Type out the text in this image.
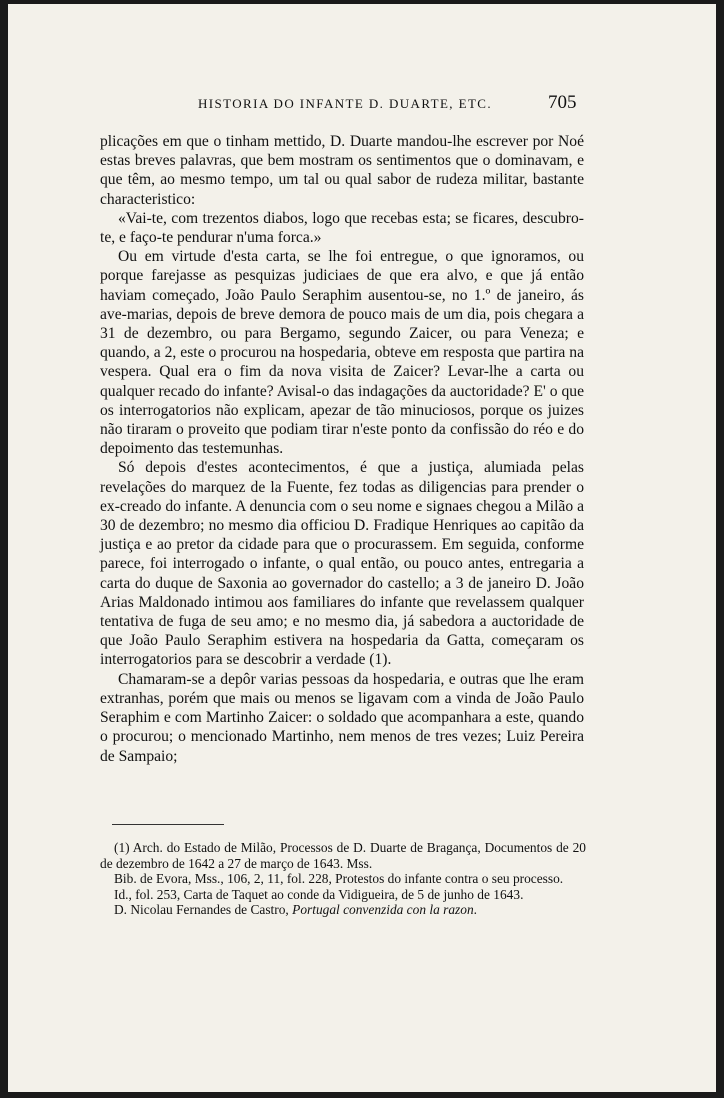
HISTORIA DO INFANTE D. DUARTE, ETC.	705

plicações em que o tinham mettido, D. Duarte mandou-lhe escrever por Noé estas breves palavras, que bem mostram os sentimentos que o dominavam, e que têm, ao mesmo tempo, um tal ou qual sabor de rudeza militar, bastante characteristico:

«Vai-te, com trezentos diabos, logo que recebas esta; se ficares, descubro-te, e faço-te pendurar n'uma forca.»

Ou em virtude d'esta carta, se lhe foi entregue, o que ignoramos, ou porque farejasse as pesquizas judiciaes de que era alvo, e que já então haviam começado, João Paulo Seraphim ausentou-se, no 1.º de janeiro, ás ave-marias, depois de breve demora de pouco mais de um dia, pois chegara a 31 de dezembro, ou para Bergamo, segundo Zaicer, ou para Veneza; e quando, a 2, este o procurou na hospedaria, obteve em resposta que partira na vespera. Qual era o fim da nova visita de Zaicer? Levar-lhe a carta ou qualquer recado do infante? Avisal-o das indagações da auctoridade? E' o que os interrogatorios não explicam, apezar de tão minuciosos, porque os juizes não tiraram o proveito que podiam tirar n'este ponto da confissão do réo e do depoimento das testemunhas.

Só depois d'estes acontecimentos, é que a justiça, alumiada pelas revelações do marquez de la Fuente, fez todas as diligencias para prender o ex-creado do infante. A denuncia com o seu nome e signaes chegou a Milão a 30 de dezembro; no mesmo dia officiou D. Fradique Henriques ao capitão da justiça e ao pretor da cidade para que o procurassem. Em seguida, conforme parece, foi interrogado o infante, o qual então, ou pouco antes, entregaria a carta do duque de Saxonia ao governador do castello; a 3 de janeiro D. João Arias Maldonado intimou aos familiares do infante que revelassem qualquer tentativa de fuga de seu amo; e no mesmo dia, já sabedora a auctoridade de que João Paulo Seraphim estivera na hospedaria da Gatta, começaram os interrogatorios para se descobrir a verdade (1).

Chamaram-se a depôr varias pessoas da hospedaria, e outras que lhe eram extranhas, porém que mais ou menos se ligavam com a vinda de João Paulo Seraphim e com Martinho Zaicer: o soldado que acompanhara a este, quando o procurou; o mencionado Martinho, nem menos de tres vezes; Luiz Pereira de Sampaio;

(1) Arch. do Estado de Milão, Processos de D. Duarte de Bragança, Documentos de 20 de dezembro de 1642 a 27 de março de 1643. Mss.

Bib. de Evora, Mss., 106, 2, 11, fol. 228, Protestos do infante contra o seu processo.

Id., fol. 253, Carta de Taquet ao conde da Vidigueira, de 5 de junho de 1643.

D. Nicolau Fernandes de Castro, Portugal convenzida con la razon.
